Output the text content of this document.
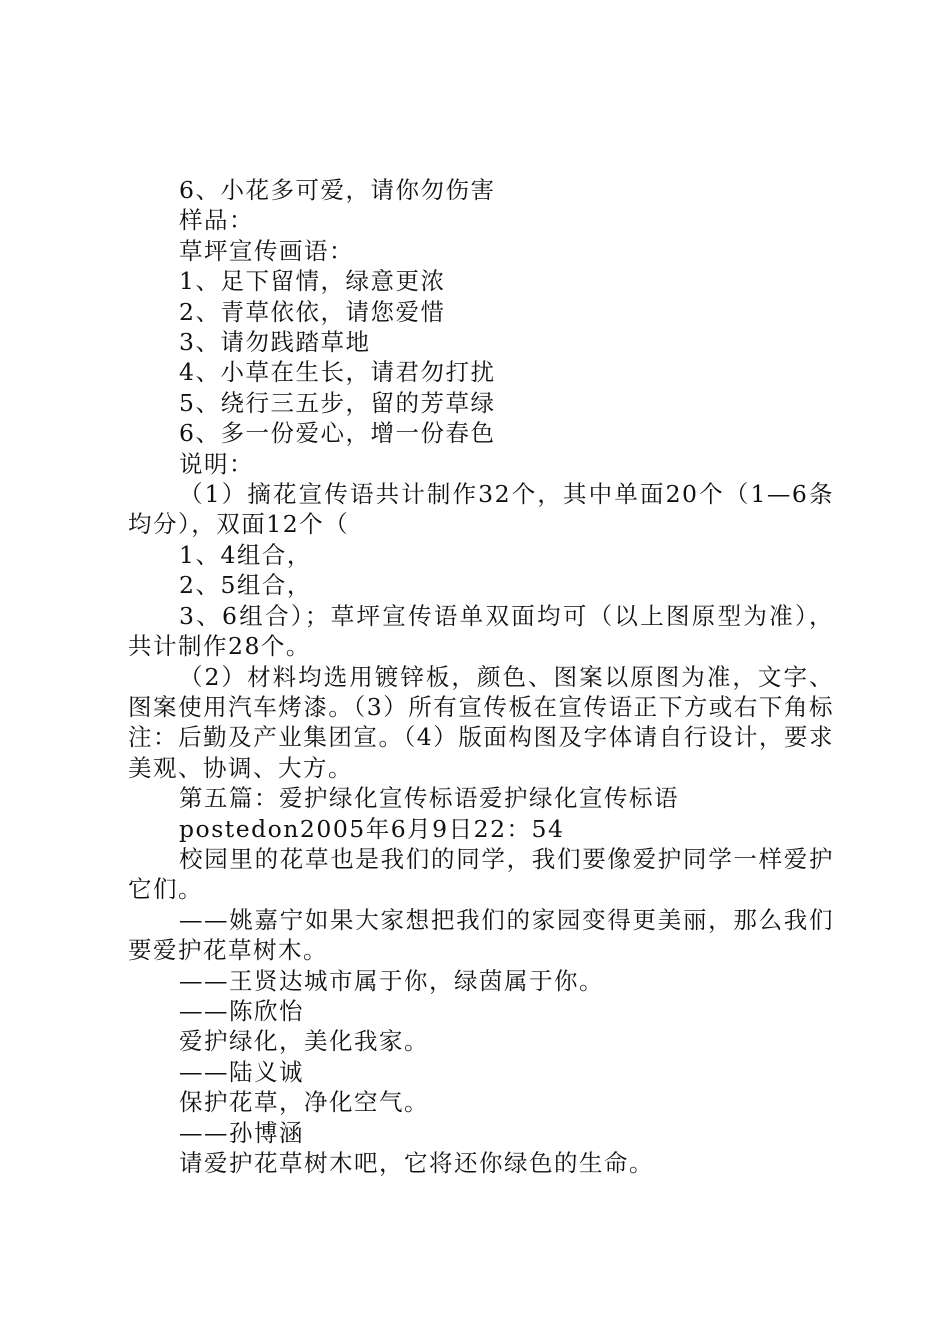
6、小花多可爱，请你勿伤害

样品：

草坪宣传画语：

1、足下留情，绿意更浓

2、青草依依，请您爱惜

3、请勿践踏草地

4、小草在生长，请君勿打扰

5、绕行三五步，留的芳草绿

6、多一份爱心，增一份春色

说明：

（1）摘花宣传语共计制作32个，其中单面20个（1—6条均分），双面12个（

1、4组合，

2、5组合，

3、6组合）；草坪宣传语单双面均可（以上图原型为准），共计制作28个。

（2）材料均选用镀锌板，颜色、图案以原图为准，文字、图案使用汽车烤漆。（3）所有宣传板在宣传语正下方或右下角标注：后勤及产业集团宣。（4）版面构图及字体请自行设计，要求美观、协调、大方。

第五篇：爱护绿化宣传标语爱护绿化宣传标语

postedon2005年6月9日22：54

校园里的花草也是我们的同学，我们要像爱护同学一样爱护它们。

——姚嘉宁如果大家想把我们的家园变得更美丽，那么我们要爱护花草树木。

——王贤达城市属于你，绿茵属于你。

——陈欣怡

爱护绿化，美化我家。

——陆义诚

保护花草，净化空气。

——孙博涵

请爱护花草树木吧，它将还你绿色的生命。
